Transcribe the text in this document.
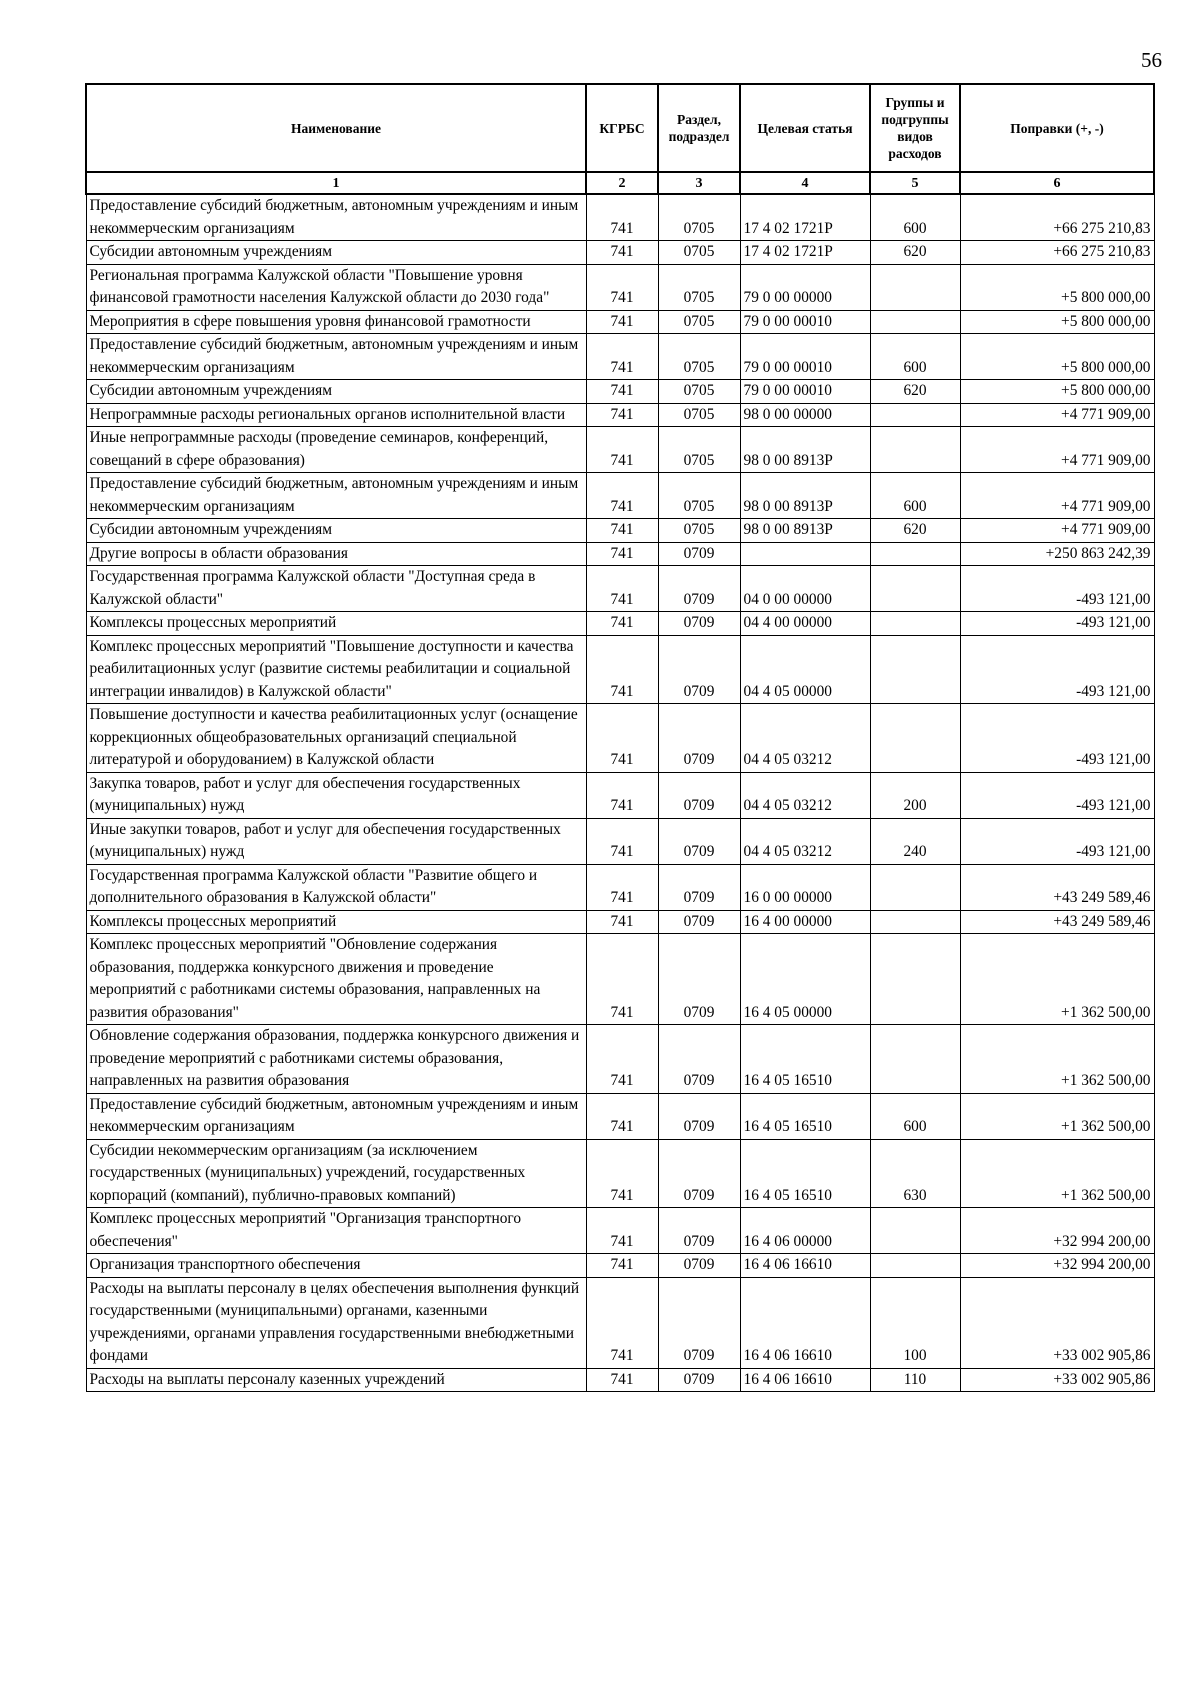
56
Наименование	КГРБС	Раздел, подраздел	Целевая статья	Группы и подгруппы видов расходов	Поправки (+, -)
1	2	3	4	5	6
Предоставление субсидий бюджетным, автономным учреждениям и иным некоммерческим организациям	741	0705	17 4 02 1721Р	600	+66 275 210,83
Субсидии автономным учреждениям	741	0705	17 4 02 1721Р	620	+66 275 210,83
Региональная программа Калужской области "Повышение уровня финансовой грамотности населения Калужской области до 2030 года"	741	0705	79 0 00 00000		+5 800 000,00
Мероприятия в сфере повышения уровня финансовой грамотности	741	0705	79 0 00 00010		+5 800 000,00
Предоставление субсидий бюджетным, автономным учреждениям и иным некоммерческим организациям	741	0705	79 0 00 00010	600	+5 800 000,00
Субсидии автономным учреждениям	741	0705	79 0 00 00010	620	+5 800 000,00
Непрограммные расходы региональных органов исполнительной власти	741	0705	98 0 00 00000		+4 771 909,00
Иные непрограммные расходы (проведение семинаров, конференций, совещаний в сфере образования)	741	0705	98 0 00 8913Р		+4 771 909,00
Предоставление субсидий бюджетным, автономным учреждениям и иным некоммерческим организациям	741	0705	98 0 00 8913Р	600	+4 771 909,00
Субсидии автономным учреждениям	741	0705	98 0 00 8913Р	620	+4 771 909,00
Другие вопросы в области образования	741	0709			+250 863 242,39
Государственная программа Калужской области "Доступная среда в Калужской области"	741	0709	04 0 00 00000		-493 121,00
Комплексы процессных мероприятий	741	0709	04 4 00 00000		-493 121,00
Комплекс процессных мероприятий "Повышение доступности и качества реабилитационных услуг (развитие системы реабилитации и социальной интеграции инвалидов) в Калужской области"	741	0709	04 4 05 00000		-493 121,00
Повышение доступности и качества реабилитационных услуг (оснащение коррекционных общеобразовательных организаций специальной литературой и оборудованием) в Калужской области	741	0709	04 4 05 03212		-493 121,00
Закупка товаров, работ и услуг для обеспечения государственных (муниципальных) нужд	741	0709	04 4 05 03212	200	-493 121,00
Иные закупки товаров, работ и услуг для обеспечения государственных (муниципальных) нужд	741	0709	04 4 05 03212	240	-493 121,00
Государственная программа Калужской области "Развитие общего и дополнительного образования в Калужской области"	741	0709	16 0 00 00000		+43 249 589,46
Комплексы процессных мероприятий	741	0709	16 4 00 00000		+43 249 589,46
Комплекс процессных мероприятий "Обновление содержания образования, поддержка конкурсного движения и проведение мероприятий с работниками системы образования, направленных на развития образования"	741	0709	16 4 05 00000		+1 362 500,00
Обновление содержания образования, поддержка конкурсного движения и проведение мероприятий с работниками системы образования, направленных на развития образования	741	0709	16 4 05 16510		+1 362 500,00
Предоставление субсидий бюджетным, автономным учреждениям и иным некоммерческим организациям	741	0709	16 4 05 16510	600	+1 362 500,00
Субсидии некоммерческим организациям (за исключением государственных (муниципальных) учреждений, государственных корпораций (компаний), публично-правовых компаний)	741	0709	16 4 05 16510	630	+1 362 500,00
Комплекс процессных мероприятий "Организация транспортного обеспечения"	741	0709	16 4 06 00000		+32 994 200,00
Организация транспортного обеспечения	741	0709	16 4 06 16610		+32 994 200,00
Расходы на выплаты персоналу в целях обеспечения выполнения функций государственными (муниципальными) органами, казенными учреждениями, органами управления государственными внебюджетными фондами	741	0709	16 4 06 16610	100	+33 002 905,86
Расходы на выплаты персоналу казенных учреждений	741	0709	16 4 06 16610	110	+33 002 905,86
